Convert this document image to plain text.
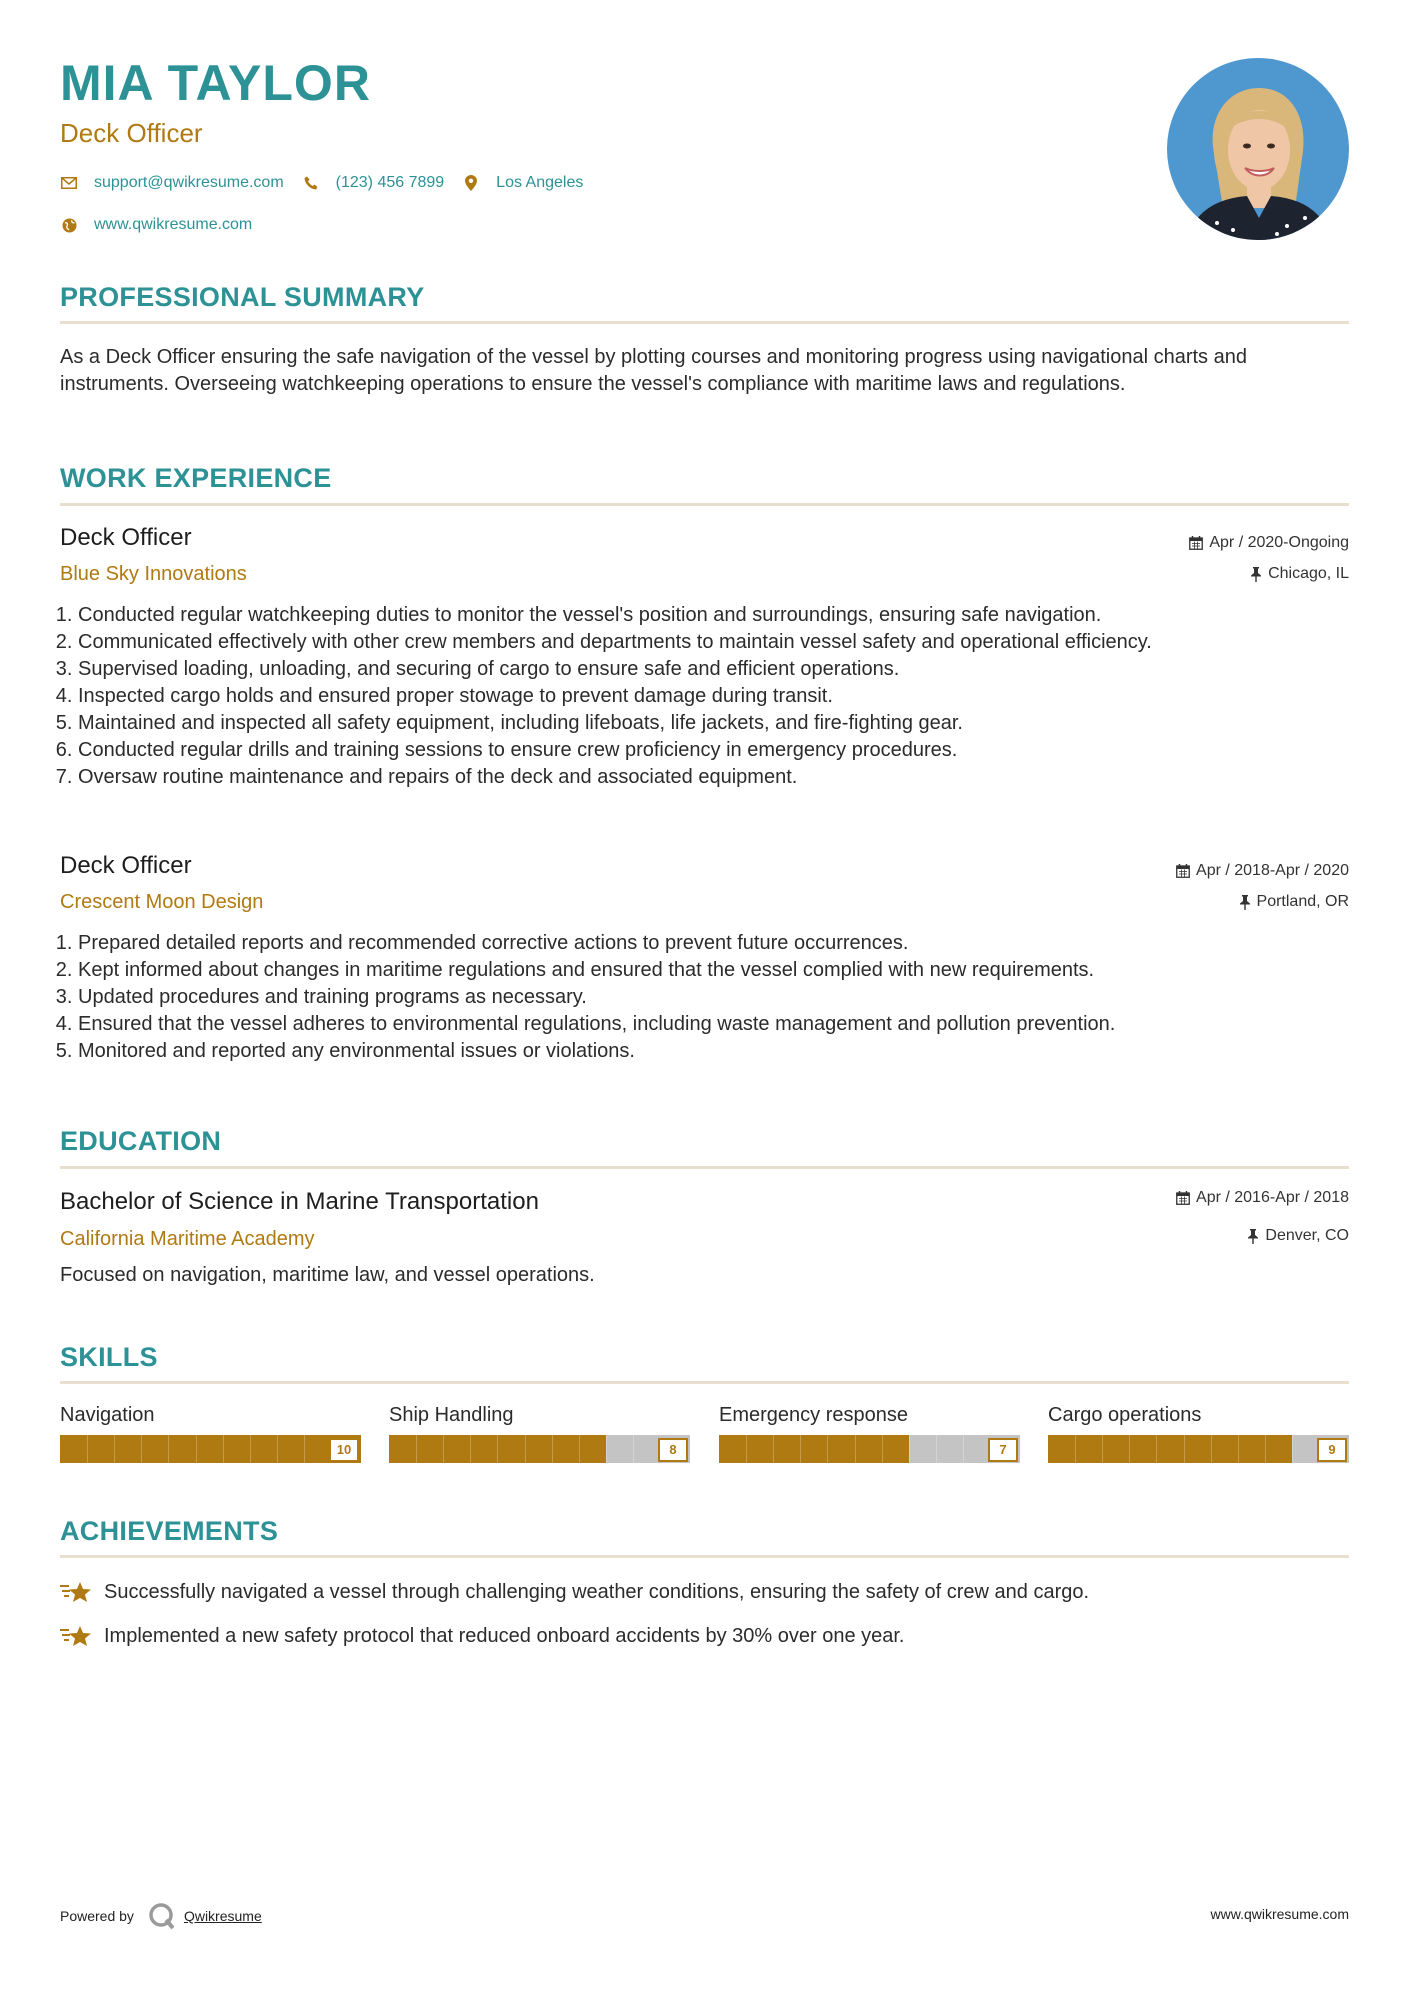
MIA TAYLOR
Deck Officer
support@qwikresume.com	(123) 456 7899	Los Angeles
www.qwikresume.com
PROFESSIONAL SUMMARY
As a Deck Officer ensuring the safe navigation of the vessel by plotting courses and monitoring progress using navigational charts and instruments. Overseeing watchkeeping operations to ensure the vessel's compliance with maritime laws and regulations.
WORK EXPERIENCE
Deck Officer
Blue Sky Innovations
Apr / 2020-Ongoing
Chicago, IL
1. Conducted regular watchkeeping duties to monitor the vessel's position and surroundings, ensuring safe navigation.
2. Communicated effectively with other crew members and departments to maintain vessel safety and operational efficiency.
3. Supervised loading, unloading, and securing of cargo to ensure safe and efficient operations.
4. Inspected cargo holds and ensured proper stowage to prevent damage during transit.
5. Maintained and inspected all safety equipment, including lifeboats, life jackets, and fire-fighting gear.
6. Conducted regular drills and training sessions to ensure crew proficiency in emergency procedures.
7. Oversaw routine maintenance and repairs of the deck and associated equipment.
Deck Officer
Crescent Moon Design
Apr / 2018-Apr / 2020
Portland, OR
1. Prepared detailed reports and recommended corrective actions to prevent future occurrences.
2. Kept informed about changes in maritime regulations and ensured that the vessel complied with new requirements.
3. Updated procedures and training programs as necessary.
4. Ensured that the vessel adheres to environmental regulations, including waste management and pollution prevention.
5. Monitored and reported any environmental issues or violations.
EDUCATION
Bachelor of Science in Marine Transportation
California Maritime Academy
Apr / 2016-Apr / 2018
Denver, CO
Focused on navigation, maritime law, and vessel operations.
SKILLS
Navigation
10
Ship Handling
8
Emergency response
7
Cargo operations
9
ACHIEVEMENTS
Successfully navigated a vessel through challenging weather conditions, ensuring the safety of crew and cargo.
Implemented a new safety protocol that reduced onboard accidents by 30% over one year.
Powered by	Qwikresume	www.qwikresume.com
